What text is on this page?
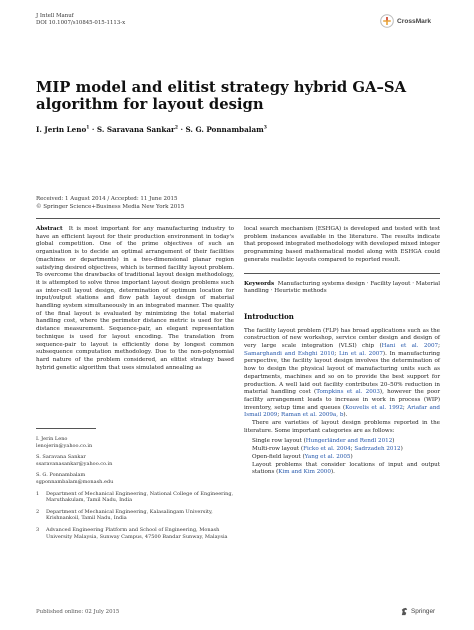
J Intell Manuf
DOI 10.1007/s10845-015-1113-x	CrossMark
MIP model and elitist strategy hybrid GA–SA algorithm for layout design
I. Jerin Leno$^1$ · S. Saravana Sankar$^2$ · S. G. Ponnambalam$^3$
Received: 1 August 2014 / Accepted: 11 June 2015
© Springer Science+Business Media New York 2015

Abstract It is most important for any manufacturing industry to have an efficient layout for their production environment in today's global competition. One of the prime objectives of such an organisation is to decide an optimal arrangement of their facilities (machines or departments) in a two-dimensional planar region satisfying desired objectives, which is termed facility layout problem. To overcome the drawbacks of traditional layout design methodology, it is attempted to solve three important layout design problems such as inter-cell layout design, determination of optimum location for input/output stations and flow path layout design of material handling system simultaneously in an integrated manner. The quality of the final layout is evaluated by minimizing the total material handling cost, where the perimeter distance metric is used for the distance measurement. Sequence-pair, an elegant representation technique is used for layout encoding. The translation from sequence-pair to layout is efficiently done by longest common subsequence computation methodology. Due to the non-polynomial hard nature of the problem considered, an elitist strategy based hybrid genetic algorithm that uses simulated annealing as

local search mechanism (ESHGA) is developed and tested with test problem instances available in the literature. The results indicate that proposed integrated methodology with developed mixed integer programming based mathematical model along with ESHGA could generate realistic layouts compared to reported result.

Keywords Manufacturing systems design · Facility layout · Material handling · Heuristic methods

Introduction

The facility layout problem (FLP) has broad applications such as the construction of new workshop, service center design and design of very large scale integration (VLSI) chip (Hani et al. 2007; Samarghandi and Eshghi 2010; Lin et al. 2007). In manufacturing perspective, the facility layout design involves the determination of how to design the physical layout of manufacturing units such as departments, machines and so on to provide the best support for production. A well laid out facility contributes 20–50% reduction in material handling cost (Tompkins et al. 2003), however the poor facility arrangement leads to increase in work in process (WIP) inventory, setup time and queues (Kouvelis et al. 1992; Ariafar and Ismail 2009; Raman et al. 2009a, b).

There are varieties of layout design problems reported in the literature. Some important categories are as follows:

Single row layout (Hungerländer and Rendl 2012)
Multi-row layout (Ficko et al. 2004; Sadrzadeh 2012)
Open-field layout (Yang et al. 2005)
Layout problems that consider locations of input and output stations (Kim and Kim 2000).
I. Jerin Leno
lenojerin@yahoo.co.in
S. Saravana Sankar
ssaravanasankar@yahoo.co.in
S. G. Ponnambalam
sgponnambalam@monash.edu
1	Department of Mechanical Engineering, National College of Engineering, Maruthakulam, Tamil Nadu, India
2	Department of Mechanical Engineering, Kalasalingam University, Krishnankoil, Tamil Nadu, India
3	Advanced Engineering Platform and School of Engineering, Monash University Malaysia, Sunway Campus, 47500 Bandar Sunway, Malaysia
Published online: 02 July 2015	Springer
